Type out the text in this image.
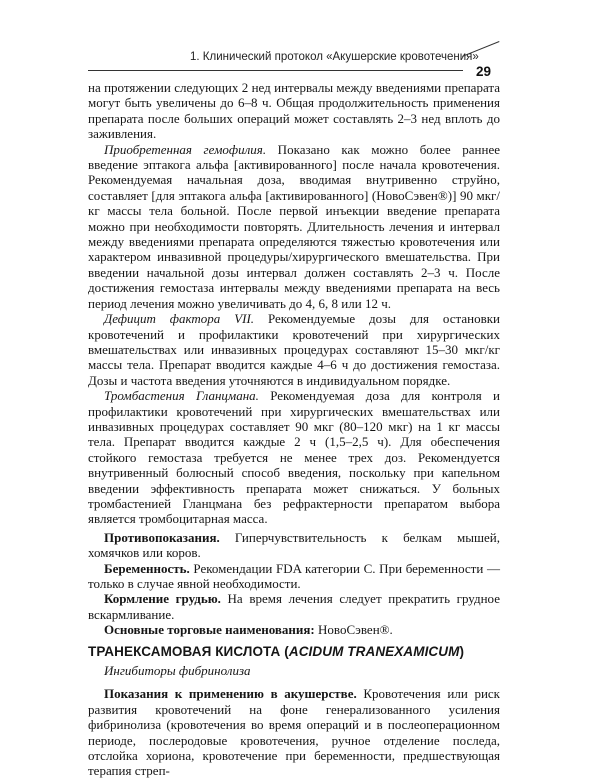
1. Клинический протокол «Акушерские кровотечения»
29

на протяжении следующих 2 нед интервалы между введениями препарата могут быть увеличены до 6–8 ч. Общая продолжительность применения препарата после больших операций может составлять 2–3 нед вплоть до заживления.

Приобретенная гемофилия. Показано как можно более раннее введение эптакога альфа [активированного] после начала кровотечения. Рекомендуемая начальная доза, вводимая внутривенно струйно, составляет [для эптакога альфа [активированного] (НовоСэвен®)] 90 мкг/кг массы тела больной. После первой инъекции введение препарата можно при необходимости повторять. Длительность лечения и интервал между введениями препарата определяются тяжестью кровотечения или характером инвазивной процедуры/хирургического вмешательства. При введении начальной дозы интервал должен составлять 2–3 ч. После достижения гемостаза интервалы между введениями препарата на весь период лечения можно увеличивать до 4, 6, 8 или 12 ч.

Дефицит фактора VII. Рекомендуемые дозы для остановки кровотечений и профилактики кровотечений при хирургических вмешательствах или инвазивных процедурах составляют 15–30 мкг/кг массы тела. Препарат вводится каждые 4–6 ч до достижения гемостаза. Дозы и частота введения уточняются в индивидуальном порядке.

Тромбастения Гланцмана. Рекомендуемая доза для контроля и профилактики кровотечений при хирургических вмешательствах или инвазивных процедурах составляет 90 мкг (80–120 мкг) на 1 кг массы тела. Препарат вводится каждые 2 ч (1,5–2,5 ч). Для обеспечения стойкого гемостаза требуется не менее трех доз. Рекомендуется внутривенный болюсный способ введения, поскольку при капельном введении эффективность препарата может снижаться. У больных тромбастенией Гланцмана без рефрактерности препаратом выбора является тромбоцитарная масса.

Противопоказания. Гиперчувствительность к белкам мышей, хомячков или коров.

Беременность. Рекомендации FDA категории C. При беременности — только в случае явной необходимости.

Кормление грудью. На время лечения следует прекратить грудное вскармливание.

Основные торговые наименования: НовоСэвен®.

ТРАНЕКСАМОВАЯ КИСЛОТА (ACIDUM TRANEXAMICUM)
Ингибиторы фибринолиза

Показания к применению в акушерстве. Кровотечения или риск развития кровотечений на фоне генерализованного усиления фибринолиза (кровотечения во время операций и в послеоперационном периоде, послеродовые кровотечения, ручное отделение последа, отслойка хориона, кровотечение при беременности, предшествующая терапия стреп-
